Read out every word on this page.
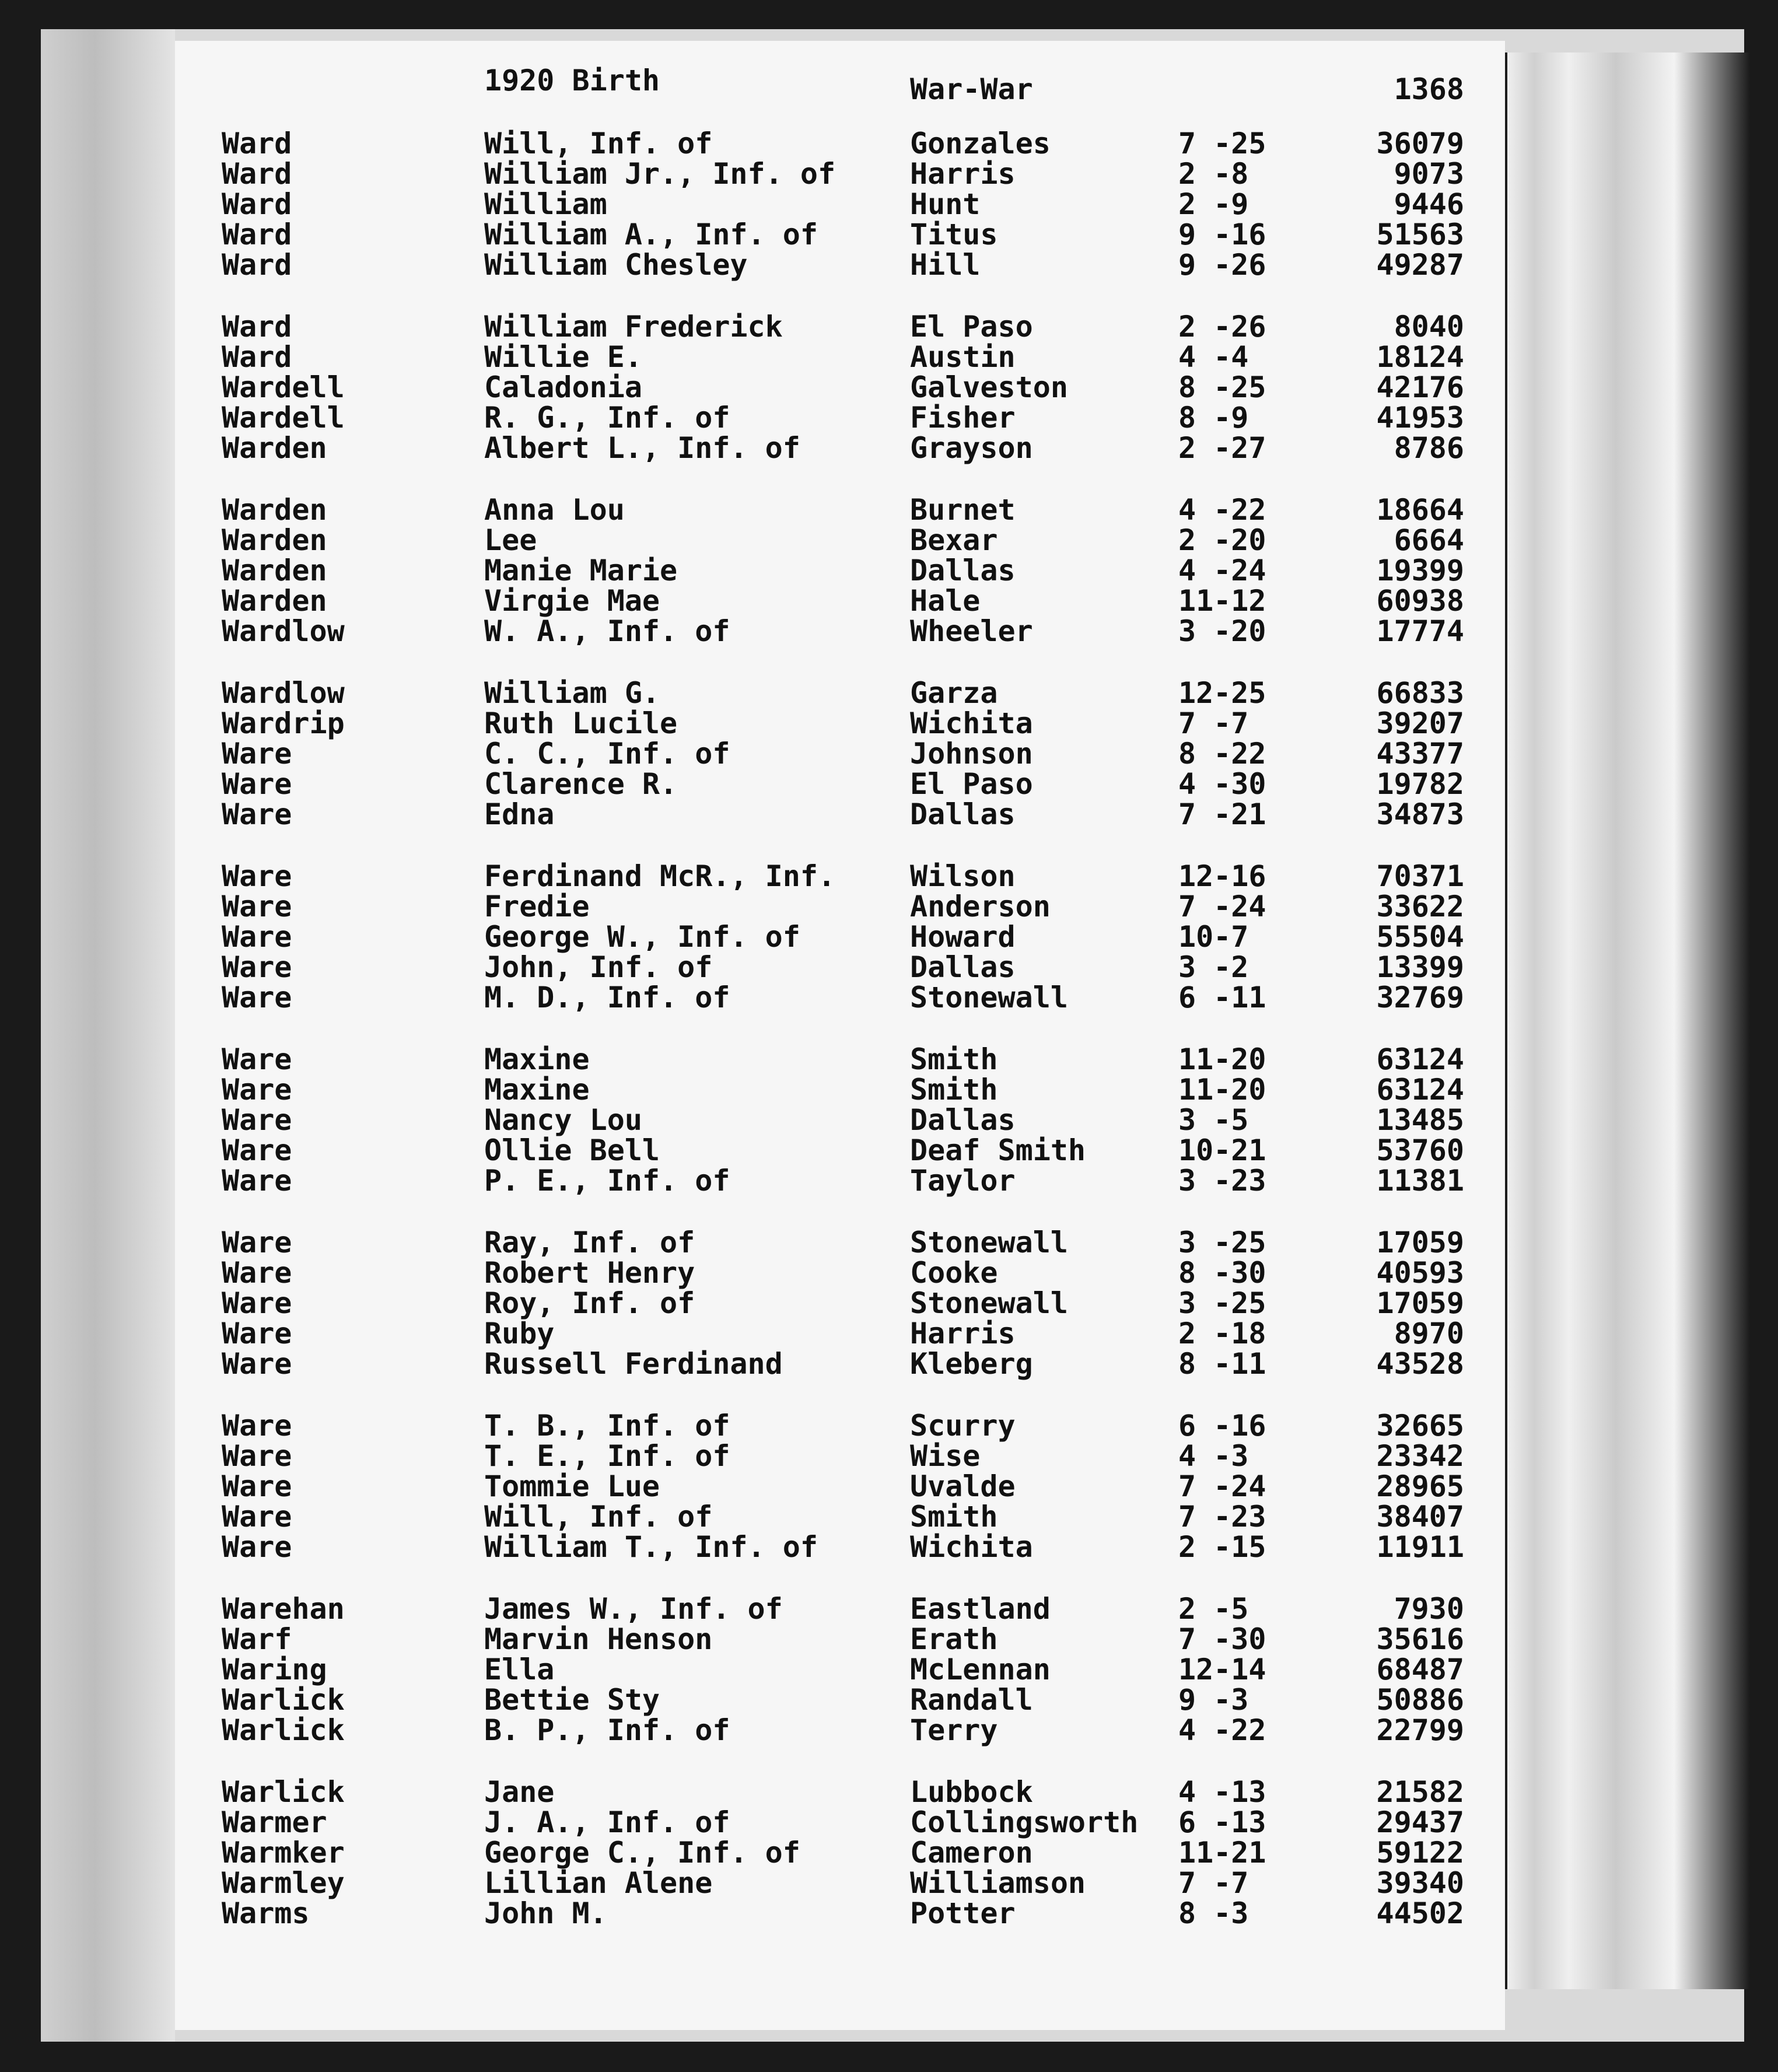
1920 Birth	War-War	1368
Ward	Will, Inf. of	Gonzales	7 -25	36079
Ward	William Jr., Inf. of	Harris	2 -8	9073
Ward	William	Hunt	2 -9	9446
Ward	William A., Inf. of	Titus	9 -16	51563
Ward	William Chesley	Hill	9 -26	49287
Ward	William Frederick	El Paso	2 -26	8040
Ward	Willie E.	Austin	4 -4	18124
Wardell	Caladonia	Galveston	8 -25	42176
Wardell	R. G., Inf. of	Fisher	8 -9	41953
Warden	Albert L., Inf. of	Grayson	2 -27	8786
Warden	Anna Lou	Burnet	4 -22	18664
Warden	Lee	Bexar	2 -20	6664
Warden	Manie Marie	Dallas	4 -24	19399
Warden	Virgie Mae	Hale	11-12	60938
Wardlow	W. A., Inf. of	Wheeler	3 -20	17774
Wardlow	William G.	Garza	12-25	66833
Wardrip	Ruth Lucile	Wichita	7 -7	39207
Ware	C. C., Inf. of	Johnson	8 -22	43377
Ware	Clarence R.	El Paso	4 -30	19782
Ware	Edna	Dallas	7 -21	34873
Ware	Ferdinand McR., Inf.	Wilson	12-16	70371
Ware	Fredie	Anderson	7 -24	33622
Ware	George W., Inf. of	Howard	10-7	55504
Ware	John, Inf. of	Dallas	3 -2	13399
Ware	M. D., Inf. of	Stonewall	6 -11	32769
Ware	Maxine	Smith	11-20	63124
Ware	Maxine	Smith	11-20	63124
Ware	Nancy Lou	Dallas	3 -5	13485
Ware	Ollie Bell	Deaf Smith	10-21	53760
Ware	P. E., Inf. of	Taylor	3 -23	11381
Ware	Ray, Inf. of	Stonewall	3 -25	17059
Ware	Robert Henry	Cooke	8 -30	40593
Ware	Roy, Inf. of	Stonewall	3 -25	17059
Ware	Ruby	Harris	2 -18	8970
Ware	Russell Ferdinand	Kleberg	8 -11	43528
Ware	T. B., Inf. of	Scurry	6 -16	32665
Ware	T. E., Inf. of	Wise	4 -3	23342
Ware	Tommie Lue	Uvalde	7 -24	28965
Ware	Will, Inf. of	Smith	7 -23	38407
Ware	William T., Inf. of	Wichita	2 -15	11911
Warehan	James W., Inf. of	Eastland	2 -5	7930
Warf	Marvin Henson	Erath	7 -30	35616
Waring	Ella	McLennan	12-14	68487
Warlick	Bettie Sty	Randall	9 -3	50886
Warlick	B. P., Inf. of	Terry	4 -22	22799
Warlick	Jane	Lubbock	4 -13	21582
Warmer	J. A., Inf. of	Collingsworth 6 -13	29437
Warmker	George C., Inf. of	Cameron	11-21	59122
Warmley	Lillian Alene	Williamson	7 -7	39340
Warms	John M.	Potter	8 -3	44502
